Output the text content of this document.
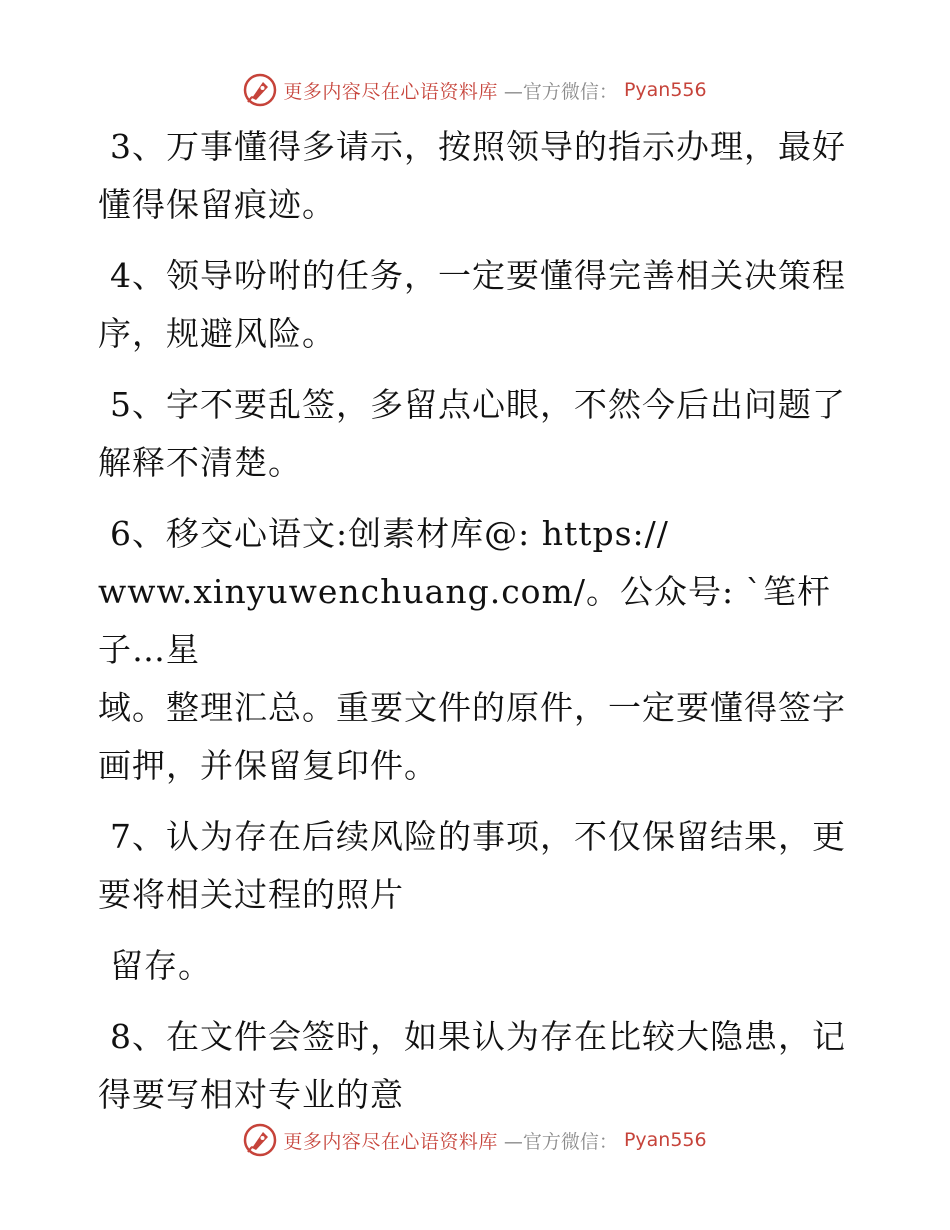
更多内容尽在心语资料库 —官方微信： Pyan556
3、万事懂得多请示，按照领导的指示办理，最好
懂得保留痕迹。
4、领导吩咐的任务，一定要懂得完善相关决策程
序，规避风险。
5、字不要乱签，多留点心眼，不然今后出问题了
解释不清楚。
6、移交心语文:创素材库@: https://
www.xinyuwenchuang.com/。公众号: `笔杆子…星
域。整理汇总。重要文件的原件，一定要懂得签字
画押，并保留复印件。
7、认为存在后续风险的事项，不仅保留结果，更
要将相关过程的照片
留存。
8、在文件会签时，如果认为存在比较大隐患，记
得要写相对专业的意
更多内容尽在心语资料库 —官方微信： Pyan556
